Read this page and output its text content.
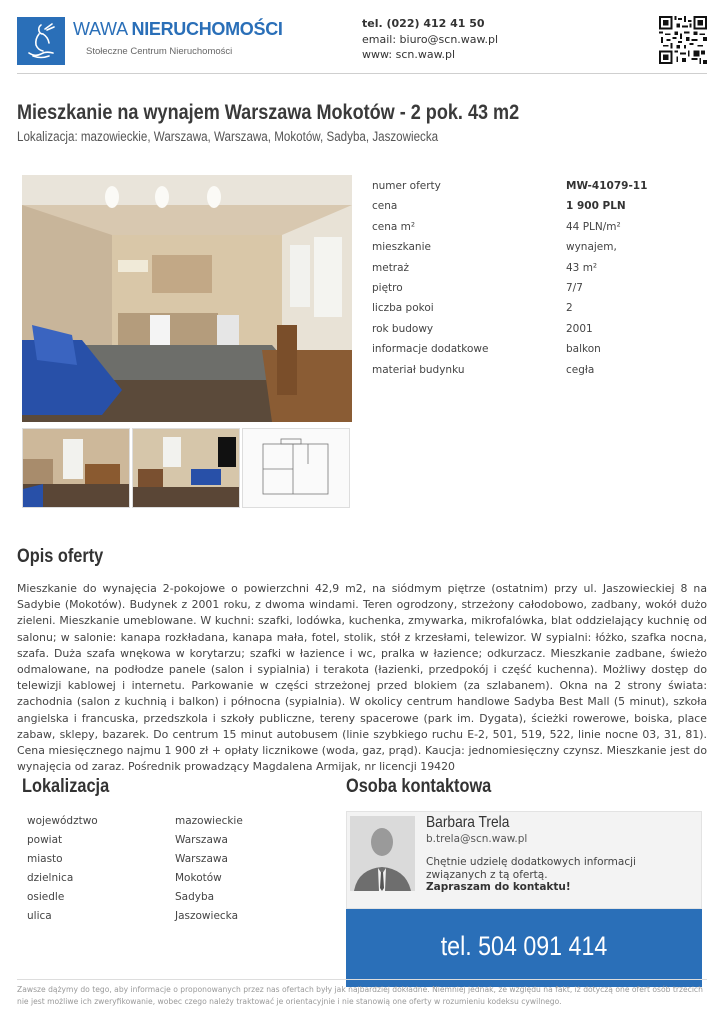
WAWA NIERUCHOMOŚCI
Stołeczne Centrum Nieruchomości
tel. (022) 412 41 50
email: biuro@scn.waw.pl
www: scn.waw.pl
Mieszkanie na wynajem Warszawa Mokotów - 2 pok. 43 m2
Lokalizacja: mazowieckie, Warszawa, Warszawa, Mokotów, Sadyba, Jaszowiecka
numer oferty	MW-41079-11
cena	1 900 PLN
cena m²	44 PLN/m²
mieszkanie	wynajem,
metraż	43 m²
piętro	7/7
liczba pokoi	2
rok budowy	2001
informacje dodatkowe	balkon
materiał budynku	cegła
Opis oferty

Mieszkanie do wynajęcia 2-pokojowe o powierzchni 42,9 m2, na siódmym piętrze (ostatnim) przy ul. Jaszowieckiej 8 na Sadybie (Mokotów). Budynek z 2001 roku, z dwoma windami. Teren ogrodzony, strzeżony całodobowo, zadbany, wokół dużo zieleni. Mieszkanie umeblowane. W kuchni: szafki, lodówka, kuchenka, zmywarka, mikrofalówka, blat oddzielający kuchnię od salonu; w salonie: kanapa rozkładana, kanapa mała, fotel, stolik, stół z krzesłami, telewizor. W sypialni: łóżko, szafka nocna, szafa. Duża szafa wnękowa w korytarzu; szafki w łazience i wc, pralka w łazience; odkurzacz. Mieszkanie zadbane, świeżo odmalowane, na podłodze panele (salon i sypialnia) i terakota (łazienki, przedpokój i część kuchenna). Możliwy dostęp do telewizji kablowej i internetu. Parkowanie w części strzeżonej przed blokiem (za szlabanem). Okna na 2 strony świata: zachodnia (salon z kuchnią i balkon) i północna (sypialnia). W okolicy centrum handlowe Sadyba Best Mall (5 minut), szkoła angielska i francuska, przedszkola i szkoły publiczne, tereny spacerowe (park im. Dygata), ścieżki rowerowe, boiska, place zabaw, sklepy, bazarek. Do centrum 15 minut autobusem (linie szybkiego ruchu E-2, 501, 519, 522, linie nocne 03, 31, 81). Cena miesięcznego najmu 1 900 zł + opłaty licznikowe (woda, gaz, prąd). Kaucja: jednomiesięczny czynsz. Mieszkanie jest do wynajęcia od zaraz. Pośrednik prowadzący Magdalena Armijak, nr licencji 19420

Lokalizacja
województwo	mazowieckie
powiat	Warszawa
miasto	Warszawa
dzielnica	Mokotów
osiedle	Sadyba
ulica	Jaszowiecka
Osoba kontaktowa
Barbara Trela
b.trela@scn.waw.pl
Chętnie udzielę dodatkowych informacji związanych z tą ofertą.
Zapraszam do kontaktu!
tel. 504 091 414
Zawsze dążymy do tego, aby informacje o proponowanych przez nas ofertach były jak najbardziej dokładne. Niemniej jednak, ze względu na fakt, iż dotyczą one ofert osób trzecich nie jest możliwe ich zweryfikowanie, wobec czego należy traktować je orientacyjnie i nie stanowią one oferty w rozumieniu kodeksu cywilnego.
